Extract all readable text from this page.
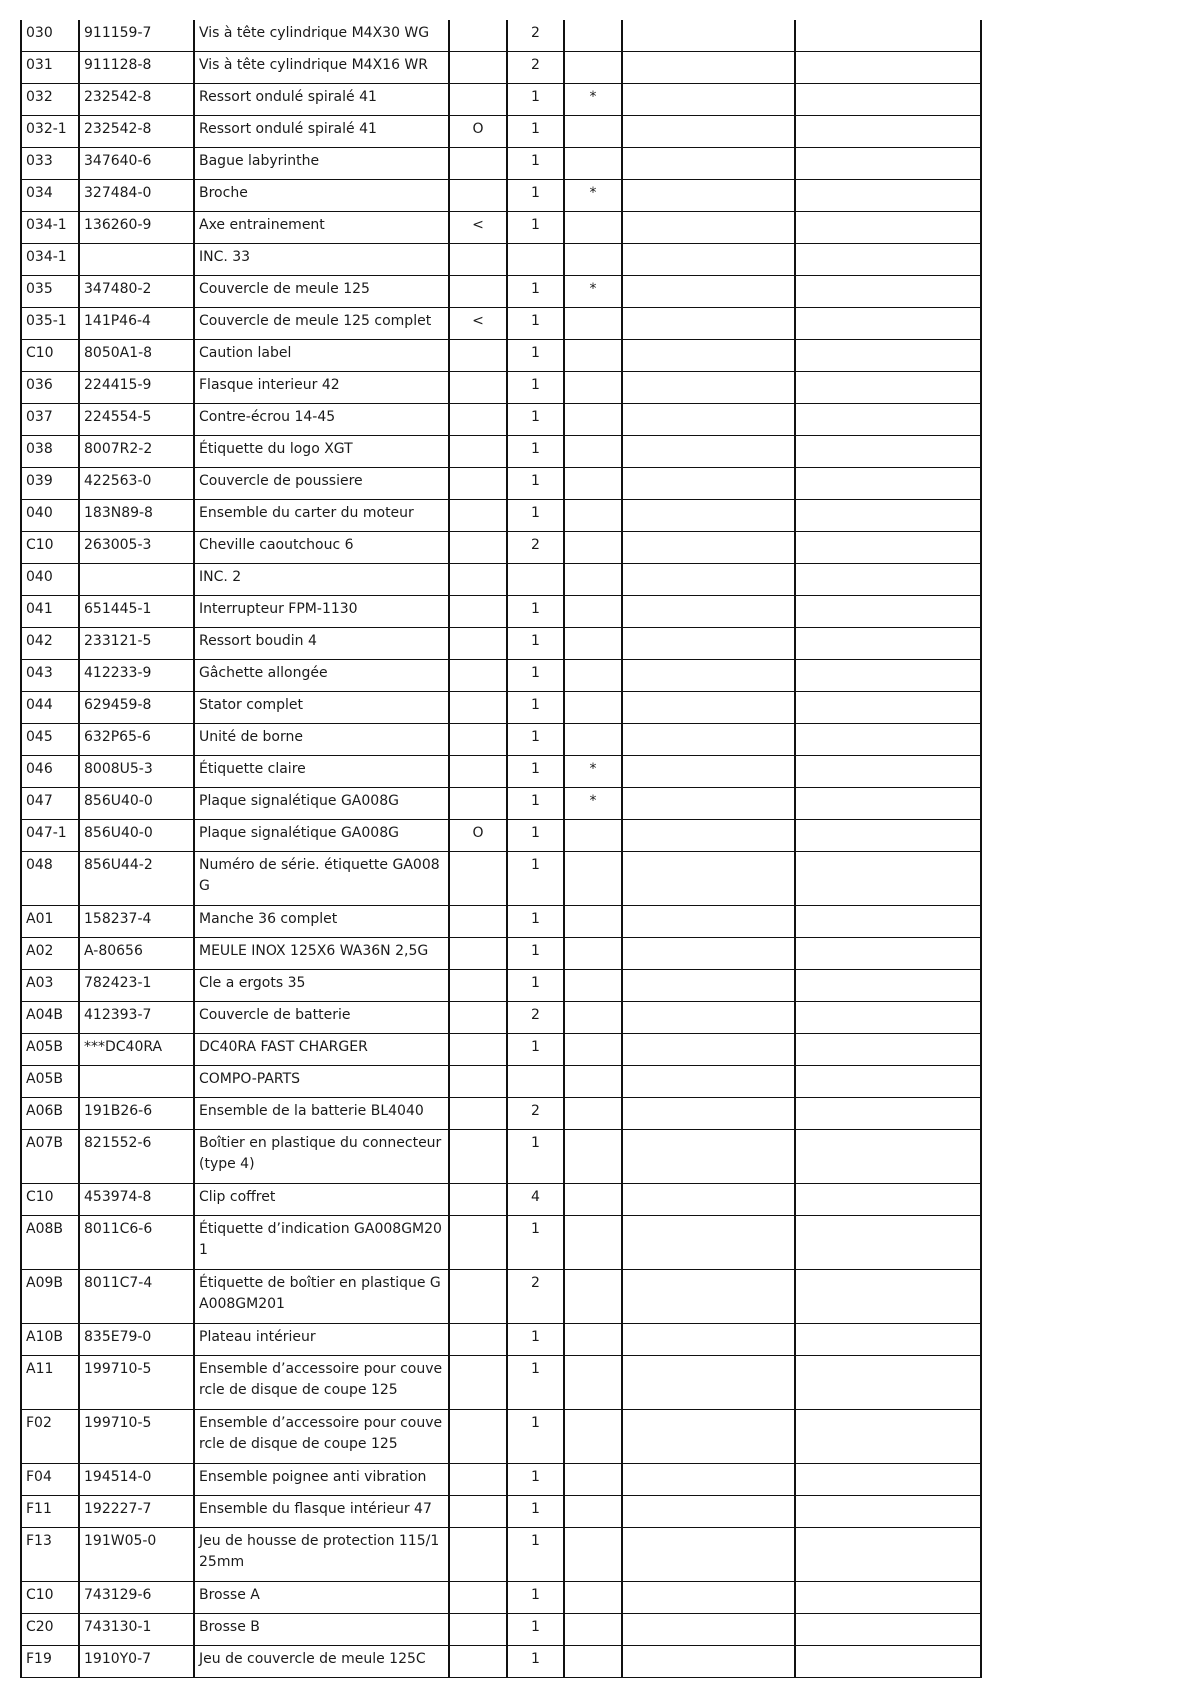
030	911159-7	Vis à tête cylindrique M4X30 WG		2			
031	911128-8	Vis à tête cylindrique M4X16 WR		2			
032	232542-8	Ressort ondulé spiralé 41		1	*		
032-1	232542-8	Ressort ondulé spiralé 41	O	1			
033	347640-6	Bague labyrinthe		1			
034	327484-0	Broche		1	*		
034-1	136260-9	Axe entrainement	<	1			
034-1		INC. 33					
035	347480-2	Couvercle de meule 125		1	*		
035-1	141P46-4	Couvercle de meule 125 complet	<	1			
C10	8050A1-8	Caution label		1			
036	224415-9	Flasque interieur 42		1			
037	224554-5	Contre-écrou 14-45		1			
038	8007R2-2	Étiquette du logo XGT		1			
039	422563-0	Couvercle de poussiere		1			
040	183N89-8	Ensemble du carter du moteur		1			
C10	263005-3	Cheville caoutchouc 6		2			
040		INC. 2					
041	651445-1	Interrupteur FPM-1130		1			
042	233121-5	Ressort boudin 4		1			
043	412233-9	Gâchette allongée		1			
044	629459-8	Stator complet		1			
045	632P65-6	Unité de borne		1			
046	8008U5-3	Étiquette claire		1	*		
047	856U40-0	Plaque signalétique GA008G		1	*		
047-1	856U40-0	Plaque signalétique GA008G	O	1			
048	856U44-2	Numéro de série. étiquette GA008G		1			
A01	158237-4	Manche 36 complet		1			
A02	A-80656	MEULE INOX 125X6 WA36N 2,5G		1			
A03	782423-1	Cle a ergots 35		1			
A04B	412393-7	Couvercle de batterie		2			
A05B	***DC40RA	DC40RA FAST CHARGER		1			
A05B		COMPO-PARTS					
A06B	191B26-6	Ensemble de la batterie BL4040		2			
A07B	821552-6	Boîtier en plastique du connecteur (type 4)		1			
C10	453974-8	Clip coffret		4			
A08B	8011C6-6	Étiquette d’indication GA008GM201		1			
A09B	8011C7-4	Étiquette de boîtier en plastique GA008GM201		2			
A10B	835E79-0	Plateau intérieur		1			
A11	199710-5	Ensemble d’accessoire pour couvercle de disque de coupe 125		1			
F02	199710-5	Ensemble d’accessoire pour couvercle de disque de coupe 125		1			
F04	194514-0	Ensemble poignee anti vibration		1			
F11	192227-7	Ensemble du flasque intérieur 47		1			
F13	191W05-0	Jeu de housse de protection 115/125mm		1			
C10	743129-6	Brosse A		1			
C20	743130-1	Brosse B		1			
F19	1910Y0-7	Jeu de couvercle de meule 125C		1			
